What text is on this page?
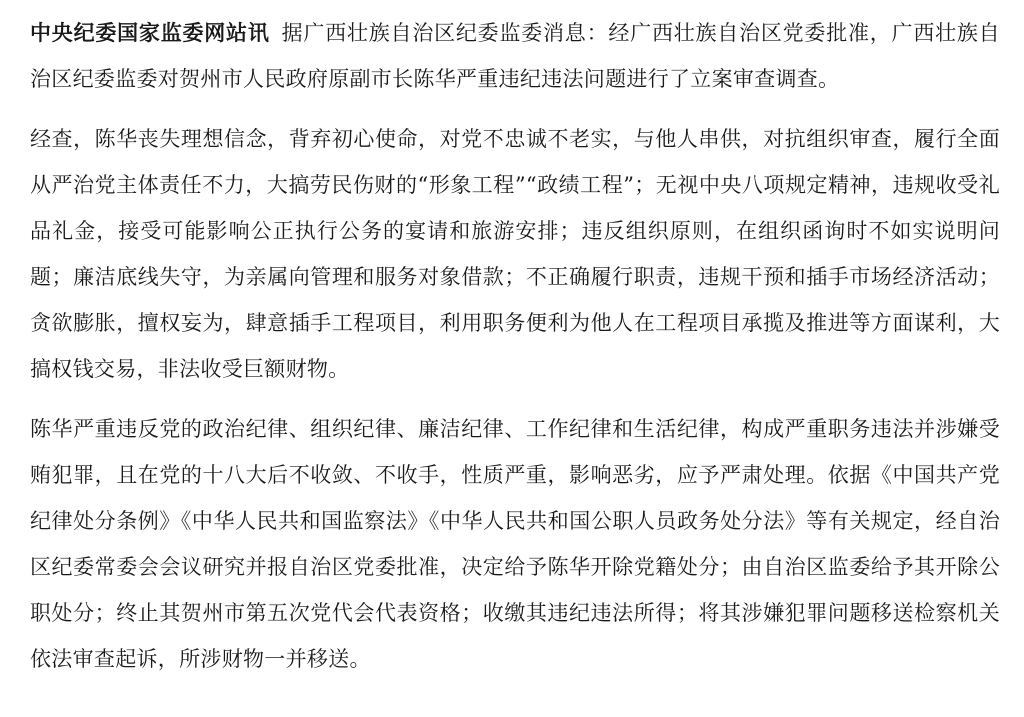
中央纪委国家监委网站讯 据广西壮族自治区纪委监委消息：经广西壮族自治区党委批准，广西壮族自治区纪委监委对贺州市人民政府原副市长陈华严重违纪违法问题进行了立案审查调查。

经查，陈华丧失理想信念，背弃初心使命，对党不忠诚不老实，与他人串供，对抗组织审查，履行全面从严治党主体责任不力，大搞劳民伤财的“形象工程”“政绩工程”；无视中央八项规定精神，违规收受礼品礼金，接受可能影响公正执行公务的宴请和旅游安排；违反组织原则，在组织函询时不如实说明问题；廉洁底线失守，为亲属向管理和服务对象借款；不正确履行职责，违规干预和插手市场经济活动；贪欲膨胀，擅权妄为，肆意插手工程项目，利用职务便利为他人在工程项目承揽及推进等方面谋利，大搞权钱交易，非法收受巨额财物。

陈华严重违反党的政治纪律、组织纪律、廉洁纪律、工作纪律和生活纪律，构成严重职务违法并涉嫌受贿犯罪，且在党的十八大后不收敛、不收手，性质严重，影响恶劣，应予严肃处理。依据《中国共产党纪律处分条例》《中华人民共和国监察法》《中华人民共和国公职人员政务处分法》等有关规定，经自治区纪委常委会会议研究并报自治区党委批准，决定给予陈华开除党籍处分；由自治区监委给予其开除公职处分；终止其贺州市第五次党代会代表资格；收缴其违纪违法所得；将其涉嫌犯罪问题移送检察机关依法审查起诉，所涉财物一并移送。
